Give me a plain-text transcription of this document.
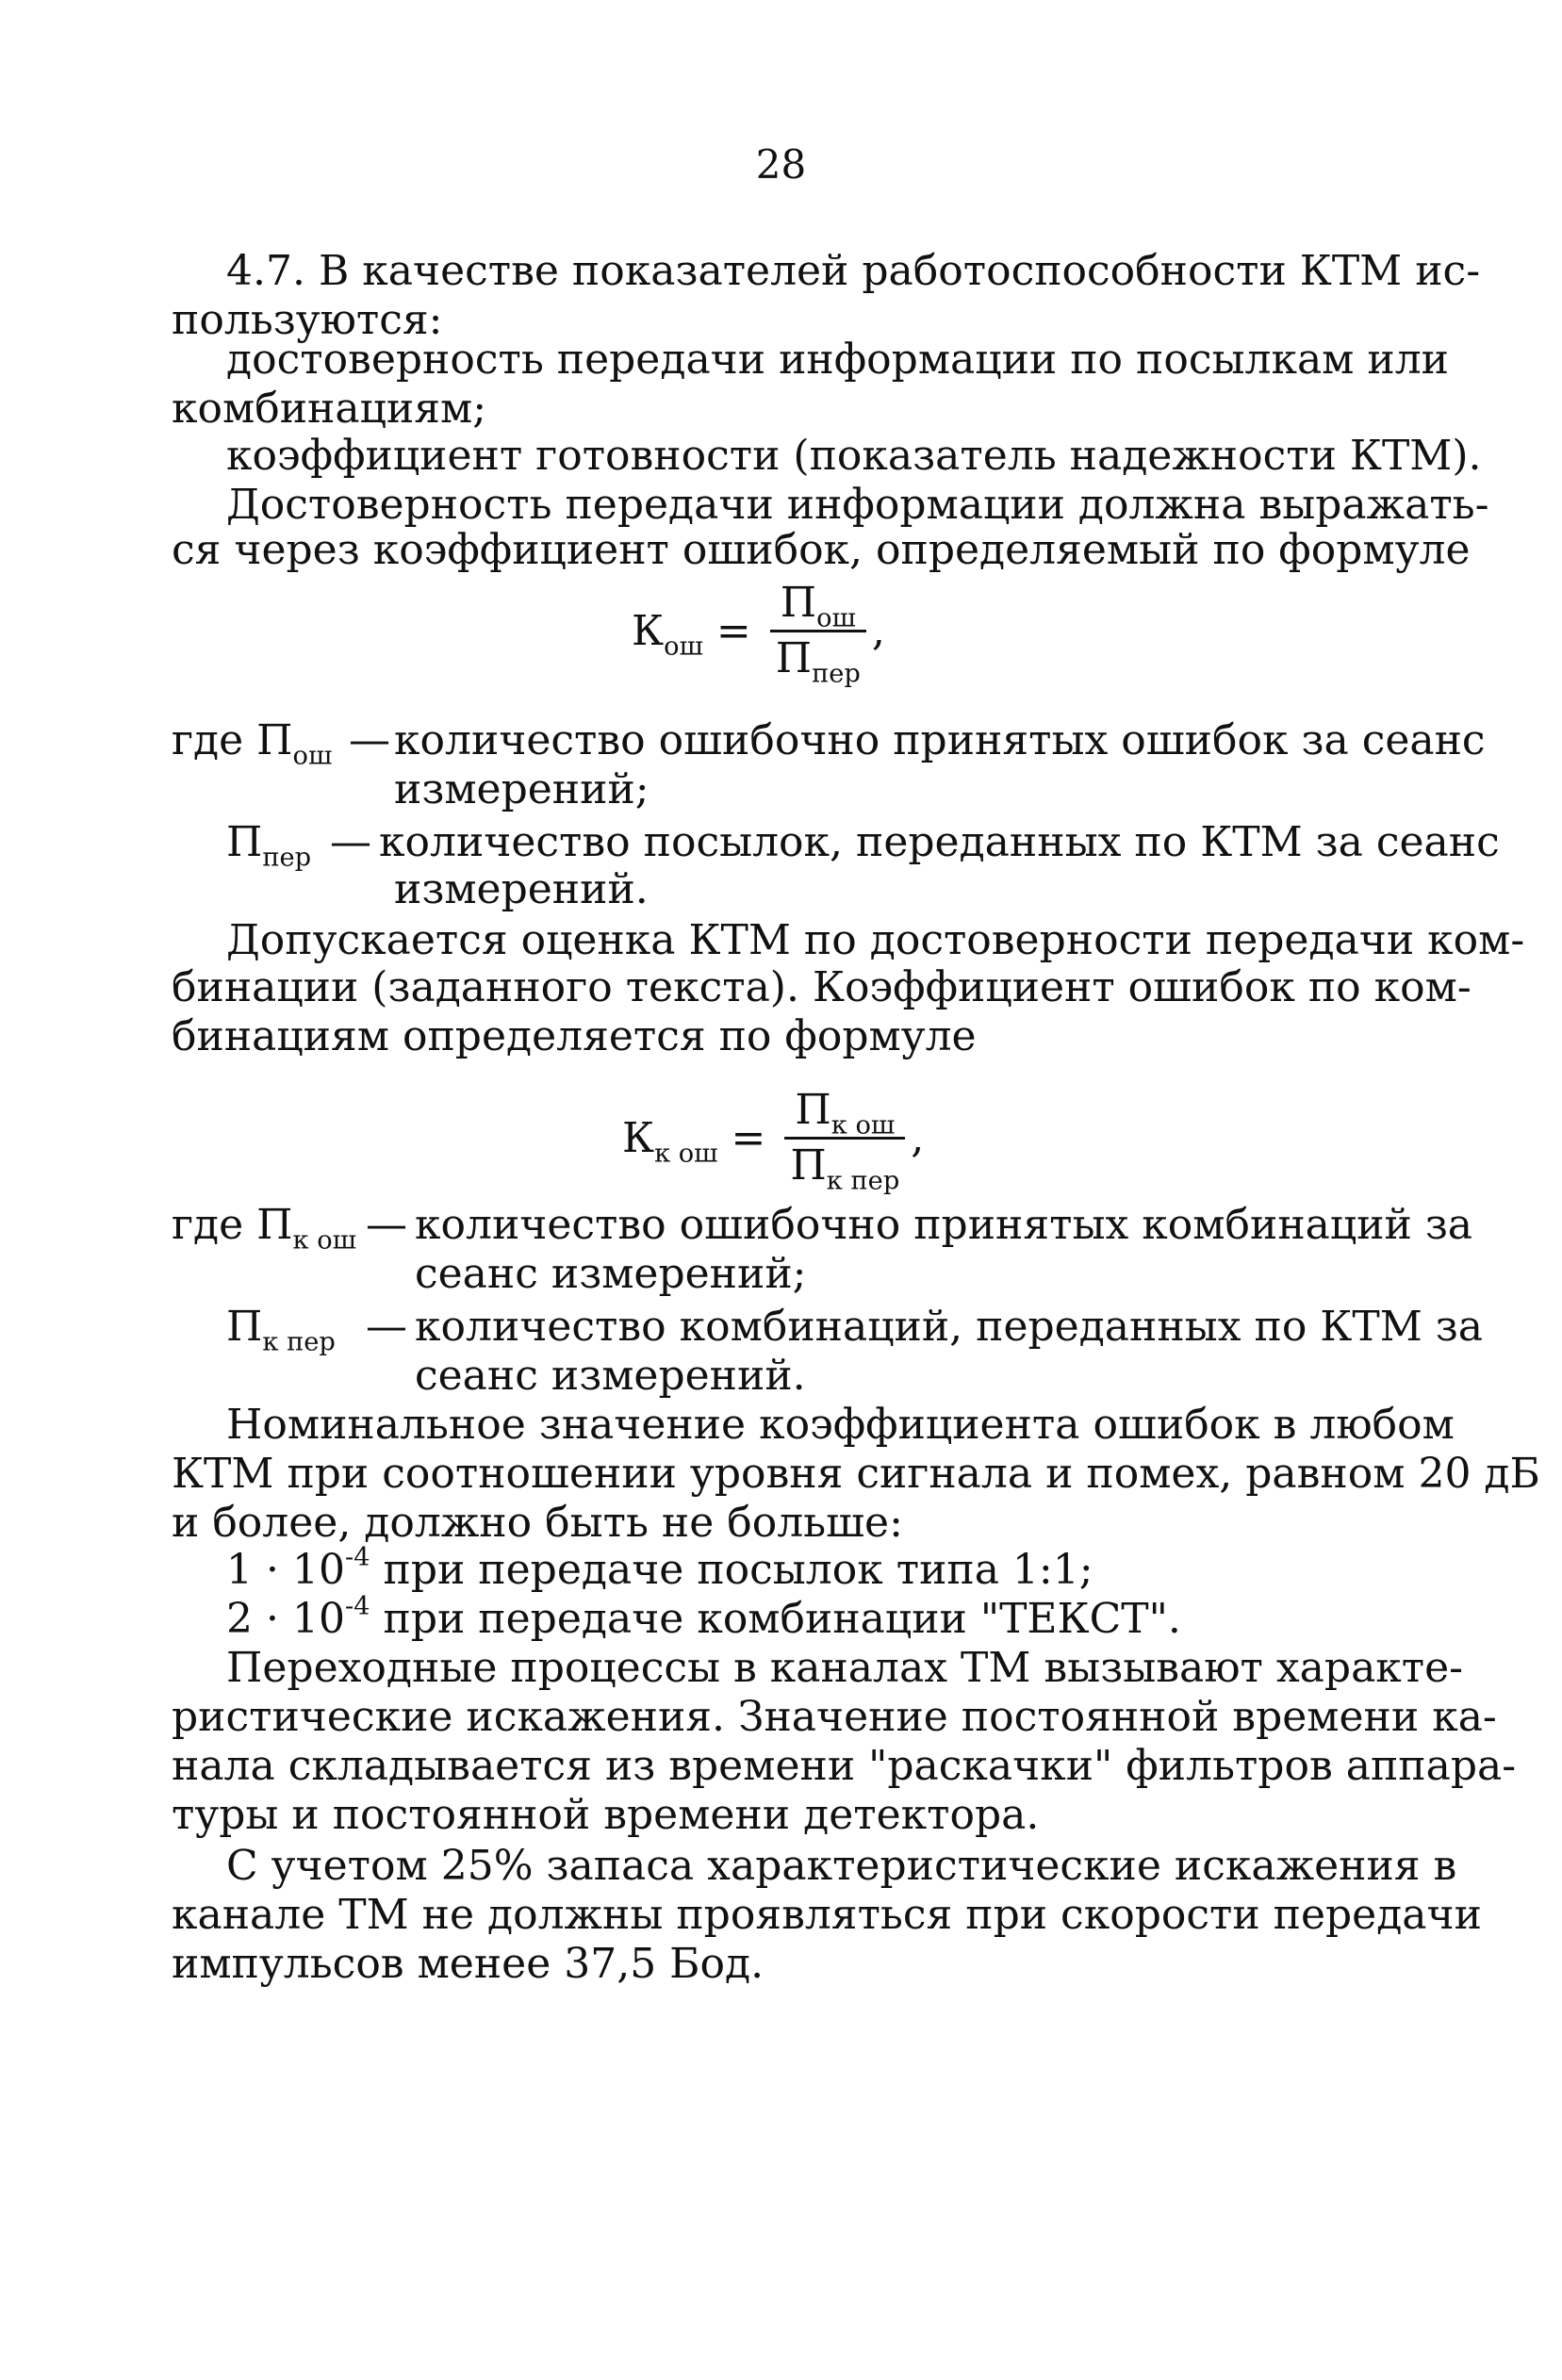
28
4.7. В качестве показателей работоспособности КТМ ис-
пользуются:
достоверность передачи информации по посылкам или
комбинациям;
коэффициент готовности (показатель надежности КТМ).
Достоверность передачи информации должна выражать-
ся через коэффициент ошибок, определяемый по формуле
$К_{ош} = \frac{П_{ош}}{П_{пер}}$ ,
где $П_{ош}$ — количество ошибочно принятых ошибок за сеанс
измерений;
$П_{пер}$ — количество посылок, переданных по КТМ за сеанс
измерений.
Допускается оценка КТМ по достоверности передачи ком-
бинации (заданного текста). Коэффициент ошибок по ком-
бинациям определяется по формуле
$К_{к ош} = \frac{П_{к ош}}{П_{к пер}}$ ,
где $П_{к ош}$ — количество ошибочно принятых комбинаций за
сеанс измерений;
$П_{к пер}$ — количество комбинаций, переданных по КТМ за
сеанс измерений.
Номинальное значение коэффициента ошибок в любом
КТМ при соотношении уровня сигнала и помех, равном 20 дБ
и более, должно быть не больше:
$1 \cdot 10^{-4}$ при передаче посылок типа 1:1;
$2 \cdot 10^{-4}$ при передаче комбинации "ТЕКСТ".
Переходные процессы в каналах ТМ вызывают характе-
ристические искажения. Значение постоянной времени ка-
нала складывается из времени "раскачки" фильтров аппара-
туры и постоянной времени детектора.
С учетом 25% запаса характеристические искажения в
канале ТМ не должны проявляться при скорости передачи
импульсов менее 37,5 Бод.
